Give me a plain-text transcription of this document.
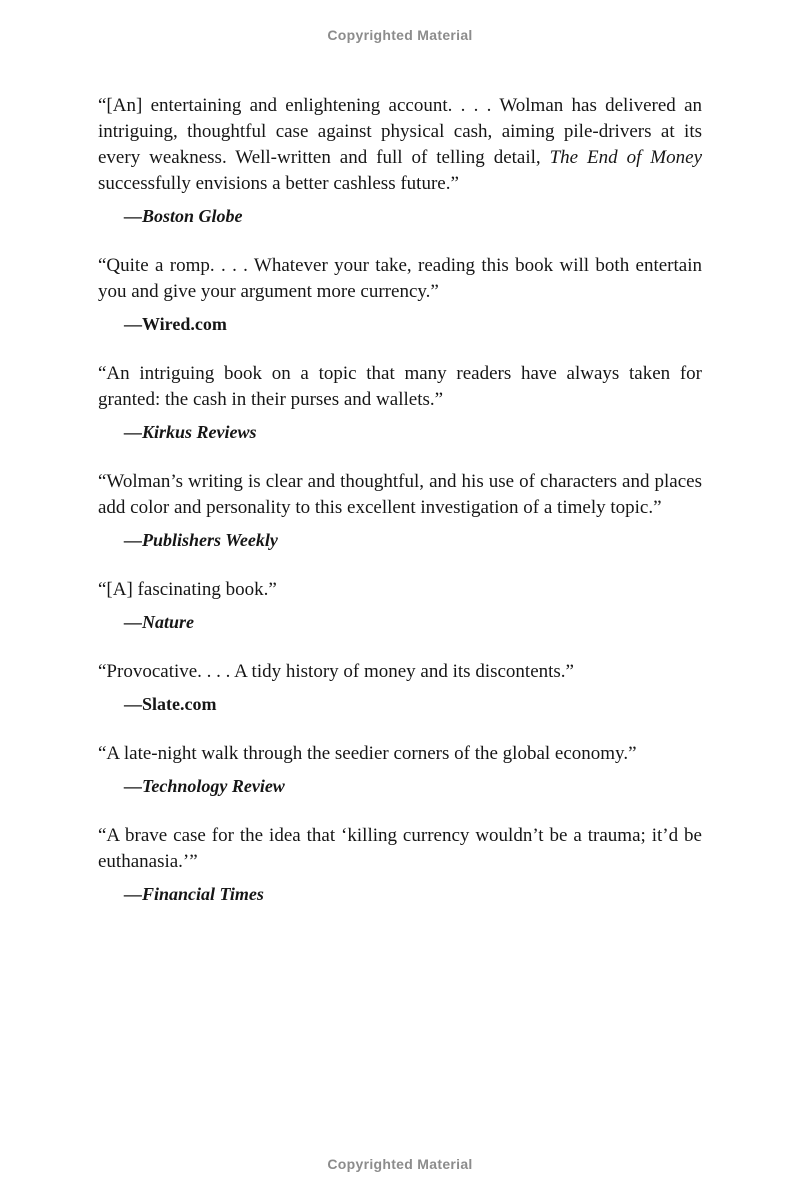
Copyrighted Material

“[An] entertaining and enlightening account. . . . Wolman has delivered an intriguing, thoughtful case against physical cash, aiming pile-drivers at its every weakness. Well-written and full of telling detail, The End of Money successfully envisions a better cashless future.”

—Boston Globe

“Quite a romp. . . . Whatever your take, reading this book will both entertain you and give your argument more currency.”

—Wired.com

“An intriguing book on a topic that many readers have always taken for granted: the cash in their purses and wallets.”

—Kirkus Reviews

“Wolman’s writing is clear and thoughtful, and his use of characters and places add color and personality to this excellent investigation of a timely topic.”

—Publishers Weekly

“[A] fascinating book.”

—Nature

“Provocative. . . . A tidy history of money and its discontents.”

—Slate.com

“A late-night walk through the seedier corners of the global economy.”

—Technology Review

“A brave case for the idea that ‘killing currency wouldn’t be a trauma; it’d be euthanasia.’”

—Financial Times

Copyrighted Material
